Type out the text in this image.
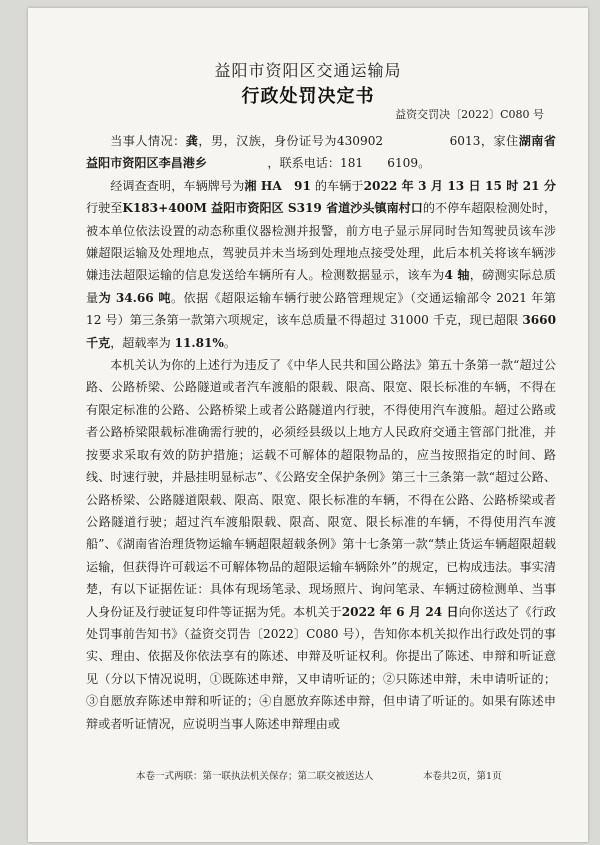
益阳市资阳区交通运输局
行政处罚决定书
益资交罚决〔2022〕C080 号

当事人情况：龚，男，汉族，身份证号为430902      	6013，家住湖南省益阳市资阳区李昌港乡     	，联系电话：181   6109。

经调查查明，车辆牌号为湘 HA　91 的车辆于2022 年 3 月 13 日 15 时 21 分行驶至K183+400M 益阳市资阳区 S319 省道沙头镇南村口的不停车超限检测处时，被本单位依法设置的动态称重仪器检测并报警，前方电子显示屏同时告知驾驶员该车涉嫌超限运输及处理地点，驾驶员并未当场到处理地点接受处理，此后本机关将该车辆涉嫌违法超限运输的信息发送给车辆所有人。检测数据显示，该车为4 轴，磅测实际总质量为 34.66 吨。依据《超限运输车辆行驶公路管理规定》（交通运输部令 2021 年第 12 号）第三条第一款第六项规定，该车总质量不得超过 31000 千克，现已超限 3660 千克，超载率为 11.81%。

本机关认为你的上述行为违反了《中华人民共和国公路法》第五十条第一款“超过公路、公路桥梁、公路隧道或者汽车渡船的限载、限高、限宽、限长标准的车辆，不得在有限定标准的公路、公路桥梁上或者公路隧道内行驶，不得使用汽车渡船。超过公路或者公路桥梁限载标准确需行驶的，必须经县级以上地方人民政府交通主管部门批准，并按要求采取有效的防护措施；运载不可解体的超限物品的，应当按照指定的时间、路线、时速行驶，并悬挂明显标志”、《公路安全保护条例》第三十三条第一款“超过公路、公路桥梁、公路隧道限载、限高、限宽、限长标准的车辆，不得在公路、公路桥梁或者公路隧道行驶；超过汽车渡船限载、限高、限宽、限长标准的车辆，不得使用汽车渡船”、《湖南省治理货物运输车辆超限超载条例》第十七条第一款“禁止货运车辆超限超载运输，但获得许可载运不可解体物品的超限运输车辆除外”的规定，已构成违法。事实清楚，有以下证据佐证：具体有现场笔录、现场照片、询问笔录、车辆过磅检测单、当事人身份证及行驶证复印件等证据为凭。本机关于2022 年 6 月 24 日向你送达了《行政处罚事前告知书》（益资交罚告〔2022〕C080 号），告知你本机关拟作出行政处罚的事实、理由、依据及你依法享有的陈述、申辩及听证权利。你提出了陈述、申辩和听证意见（分以下情况说明，①既陈述申辩，又申请听证的；②只陈述申辩，未申请听证的；③自愿放弃陈述申辩和听证的；④自愿放弃陈述申辩，但申请了听证的。如果有陈述申辩或者听证情况，应说明当事人陈述申辩理由或

本卷一式两联：第一联执法机关保存；第二联交被送达人	本卷共2页，第1页
